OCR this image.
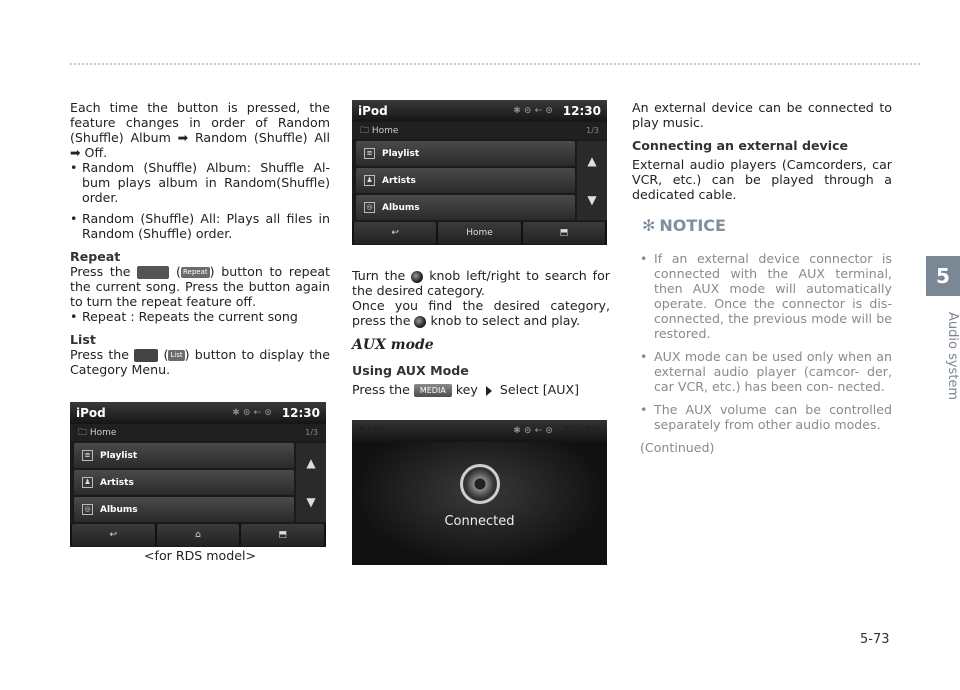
Each time the button is pressed, the feature changes in order of Random (Shuffle) Album ➡ Random (Shuffle) All ➡ Off.

• Random (Shuffle) Album: Shuffle Al- bum plays album in Random(Shuffle) order.
• Random (Shuffle) All: Plays all files in Random (Shuffle) order.
Repeat

Press the	( Repeat ) button to repeat the current song. Press the button again to turn the repeat feature off.

• Repeat : Repeats the current song
List

Press the  ( List ) button to display the Category Menu.

iPod	✱ ⊙ ⇠ ⊙ 12:30
🗀 Home	1/3
≡ Playlist
♟ Artists
◎ Albums
▲
▼
↩	⌂	⬒
<for RDS model>
iPod	✱ ⊙ ⇠ ⊙ 12:30
🗀 Home	1/3
≡ Playlist
♟ Artists
◎ Albums
▲
▼
↩	Home	⬒

Turn the knob left/right to search for the desired category.

Once you find the desired category, press the knob to select and play.

AUX mode
Using AUX Mode

Press the MEDIA key Select [AUX]

AUX	✱ ⊙ ⇠ ⊙ 12:30
Connected

An external device can be connected to play music.

Connecting an external device

External audio players (Camcorders, car VCR, etc.) can be played through a dedicated cable.

✻ NOTICE
• If an external device connector is connected with the AUX terminal, then AUX mode will automatically operate. Once the connector is dis- connected, the previous mode will be restored.
• AUX mode can be used only when an external audio player (camcor- der, car VCR, etc.) has been con- nected.
• The AUX volume can be controlled separately from other audio modes.
(Continued)
5
Audio system
5-73
